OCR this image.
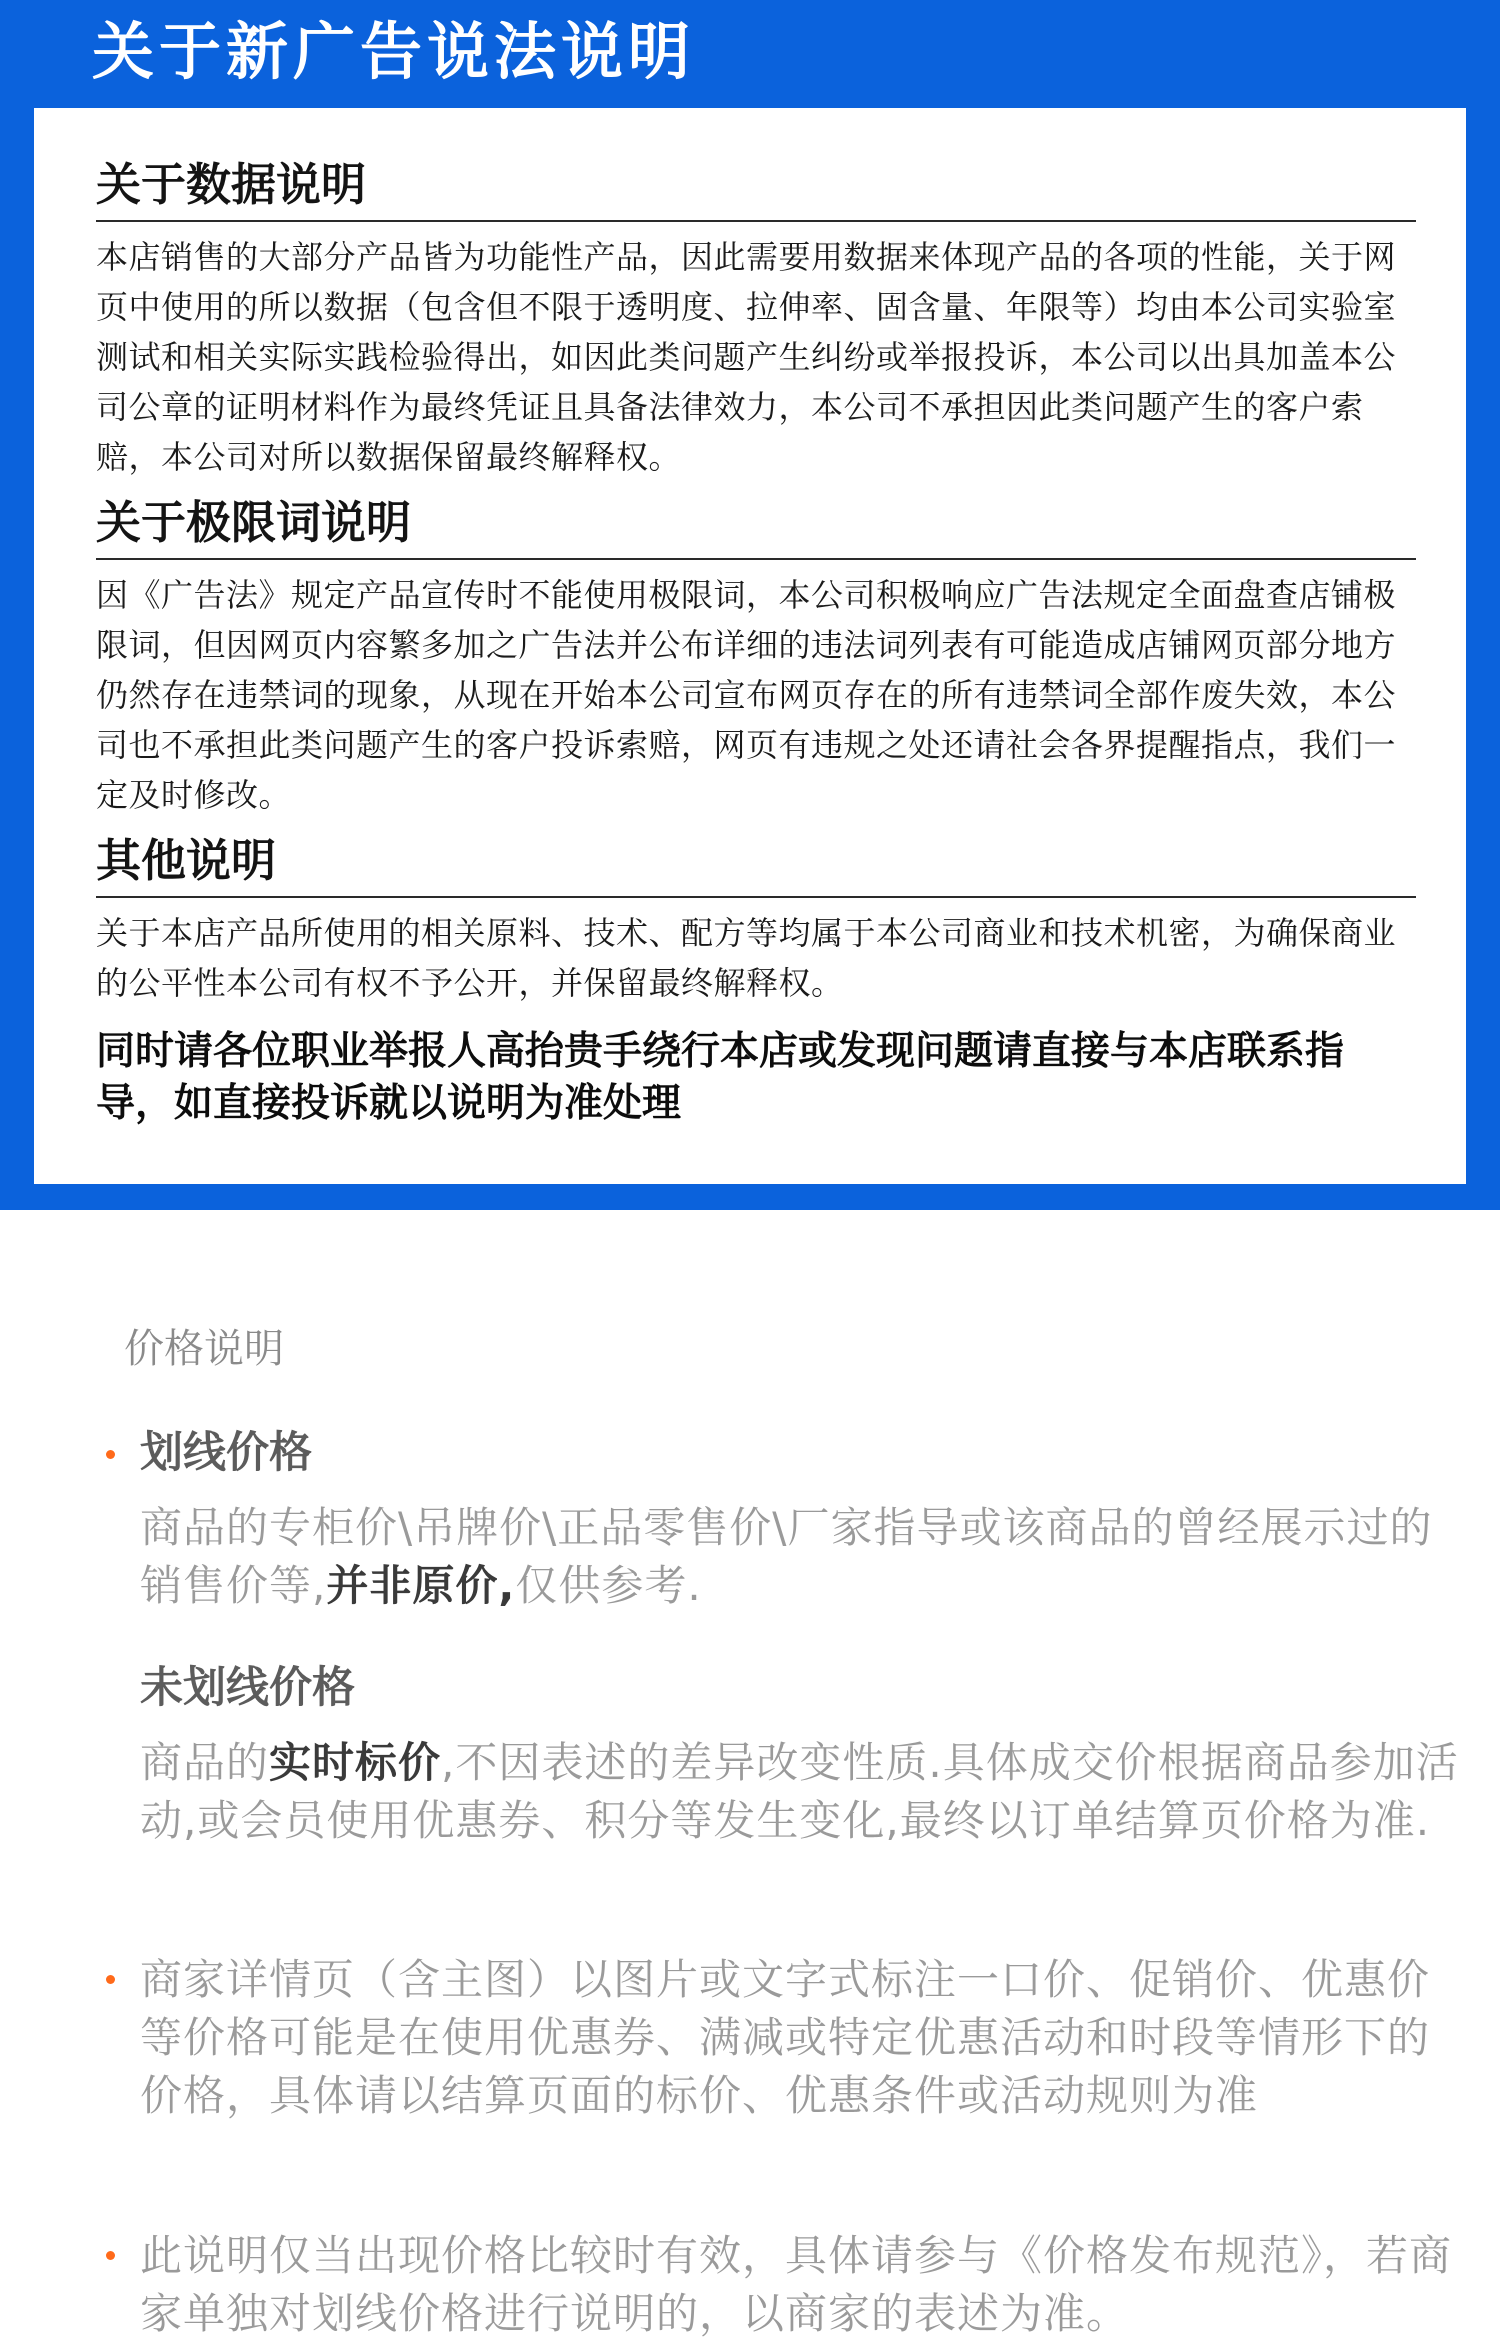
关于新广告说法说明
关于数据说明

本店销售的大部分产品皆为功能性产品，因此需要用数据来体现产品的各项的性能，关于网页中使用的所以数据（包含但不限于透明度、拉伸率、固含量、年限等）均由本公司实验室测试和相关实际实践检验得出，如因此类问题产生纠纷或举报投诉，本公司以出具加盖本公司公章的证明材料作为最终凭证且具备法律效力，本公司不承担因此类问题产生的客户索赔，本公司对所以数据保留最终解释权。

关于极限词说明

因《广告法》规定产品宣传时不能使用极限词，本公司积极响应广告法规定全面盘查店铺极限词，但因网页内容繁多加之广告法并公布详细的违法词列表有可能造成店铺网页部分地方仍然存在违禁词的现象，从现在开始本公司宣布网页存在的所有违禁词全部作废失效，本公司也不承担此类问题产生的客户投诉索赔，网页有违规之处还请社会各界提醒指点，我们一定及时修改。

其他说明

关于本店产品所使用的相关原料、技术、配方等均属于本公司商业和技术机密，为确保商业的公平性本公司有权不予公开，并保留最终解释权。

同时请各位职业举报人高抬贵手绕行本店或发现问题请直接与本店联系指导，如直接投诉就以说明为准处理
价格说明
划线价格
商品的专柜价\吊牌价\正品零售价\厂家指导或该商品的曾经展示过的销售价等,并非原价,仅供参考.
未划线价格
商品的实时标价,不因表述的差异改变性质.具体成交价根据商品参加活动,或会员使用优惠券、积分等发生变化,最终以订单结算页价格为准.
商家详情页（含主图）以图片或文字式标注一口价、促销价、优惠价等价格可能是在使用优惠券、满减或特定优惠活动和时段等情形下的价格，具体请以结算页面的标价、优惠条件或活动规则为准
此说明仅当出现价格比较时有效，具体请参与《价格发布规范》，若商家单独对划线价格进行说明的，以商家的表述为准。
